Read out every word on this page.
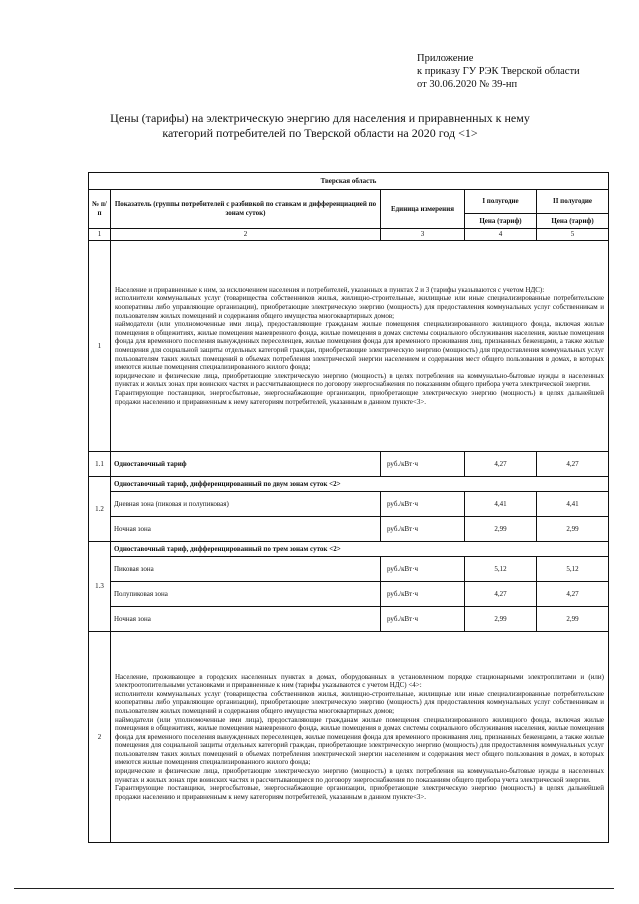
Приложение
к приказу ГУ РЭК Тверской области
от 30.06.2020 № 39-нп
Цены (тарифы) на электрическую энергию для населения и приравненных к нему
категорий потребителей по Тверской области на 2020 год <1>
Тверская область				
№ п/п	Показатель (группы потребителей с разбивкой по ставкам и дифференциацией по зонам суток)	Единица измерения	I полугодие	II полугодие
			Цена (тариф)	Цена (тариф)
1	2	3	4	5
1	Население и приравненные к ним, за исключением населения и потребителей, указанных в пунктах 2 и 3 (тарифы указываются с учетом НДС):

исполнители коммунальных услуг (товарищества собственников жилья, жилищно-строительные, жилищные или иные специализированные потребительские кооперативы либо управляющие организации), приобретающие электрическую энергию (мощность) для предоставления коммунальных услуг собственникам и пользователям жилых помещений и содержания общего имущества многоквартирных домов;

наймодатели (или уполномоченные ими лица), предоставляющие гражданам жилые помещения специализированного жилищного фонда, включая жилые помещения в общежитиях, жилые помещения маневренного фонда, жилые помещения в домах системы социального обслуживания населения, жилые помещения фонда для временного поселения вынужденных переселенцев, жилые помещения фонда для временного проживания лиц, признанных беженцами, а также жилые помещения для социальной защиты отдельных категорий граждан, приобретающие электрическую энергию (мощность) для предоставления коммунальных услуг пользователям таких жилых помещений в объемах потребления электрической энергии населением и содержания мест общего пользования в домах, в которых имеются жилые помещения специализированного жилого фонда;

юридические и физические лица, приобретающие электрическую энергию (мощность) в целях потребления на коммунально-бытовые нужды в населенных пунктах и жилых зонах при воинских частях и рассчитывающиеся по договору энергоснабжения по показаниям общего прибора учета электрической энергии.

Гарантирующие поставщики, энергосбытовые, энергоснабжающие организации, приобретающие электрическую энергию (мощность) в целях дальнейшей продажи населению и приравненным к нему категориям потребителей, указанным в данном пункте<3>.			

1.1	Одноставочный тариф	руб./кВт·ч	4,27	4,27
1.2	Одноставочный тариф, дифференцированный по двум зонам суток <2>			
	Дневная зона (пиковая и полупиковая)	руб./кВт·ч	4,41	4,41
	Ночная зона	руб./кВт·ч	2,99	2,99
1.3	Одноставочный тариф, дифференцированный по трем зонам суток <2>			
	Пиковая зона	руб./кВт·ч	5,12	5,12
	Полупиковая зона	руб./кВт·ч	4,27	4,27
	Ночная зона	руб./кВт·ч	2,99	2,99
2	Население, проживающее в городских населенных пунктах в домах, оборудованных в установленном порядке стационарными электроплитами и (или) электроотопительными установками и приравненные к ним (тарифы указываются с учетом НДС) <4>:

исполнители коммунальных услуг (товарищества собственников жилья, жилищно-строительные, жилищные или иные специализированные потребительские кооперативы либо управляющие организации), приобретающие электрическую энергию (мощность) для предоставления коммунальных услуг собственникам и пользователям жилых помещений и содержания общего имущества многоквартирных домов;

наймодатели (или уполномоченные ими лица), предоставляющие гражданам жилые помещения специализированного жилищного фонда, включая жилые помещения в общежитиях, жилые помещения маневренного фонда, жилые помещения в домах системы социального обслуживания населения, жилые помещения фонда для временного поселения вынужденных переселенцев, жилые помещения фонда для временного проживания лиц, признанных беженцами, а также жилые помещения для социальной защиты отдельных категорий граждан, приобретающие электрическую энергию (мощность) для предоставления коммунальных услуг пользователям таких жилых помещений в объемах потребления электрической энергии населением и содержания мест общего пользования в домах, в которых имеются жилые помещения специализированного жилого фонда;

юридические и физические лица, приобретающие электрическую энергию (мощность) в целях потребления на коммунально-бытовые нужды в населенных пунктах и жилых зонах при воинских частях и рассчитывающиеся по договору энергоснабжения по показаниям общего прибора учета электрической энергии.

Гарантирующие поставщики, энергосбытовые, энергоснабжающие организации, приобретающие электрическую энергию (мощность) в целях дальнейшей продажи населению и приравненным к нему категориям потребителей, указанным в данном пункте<3>.			
